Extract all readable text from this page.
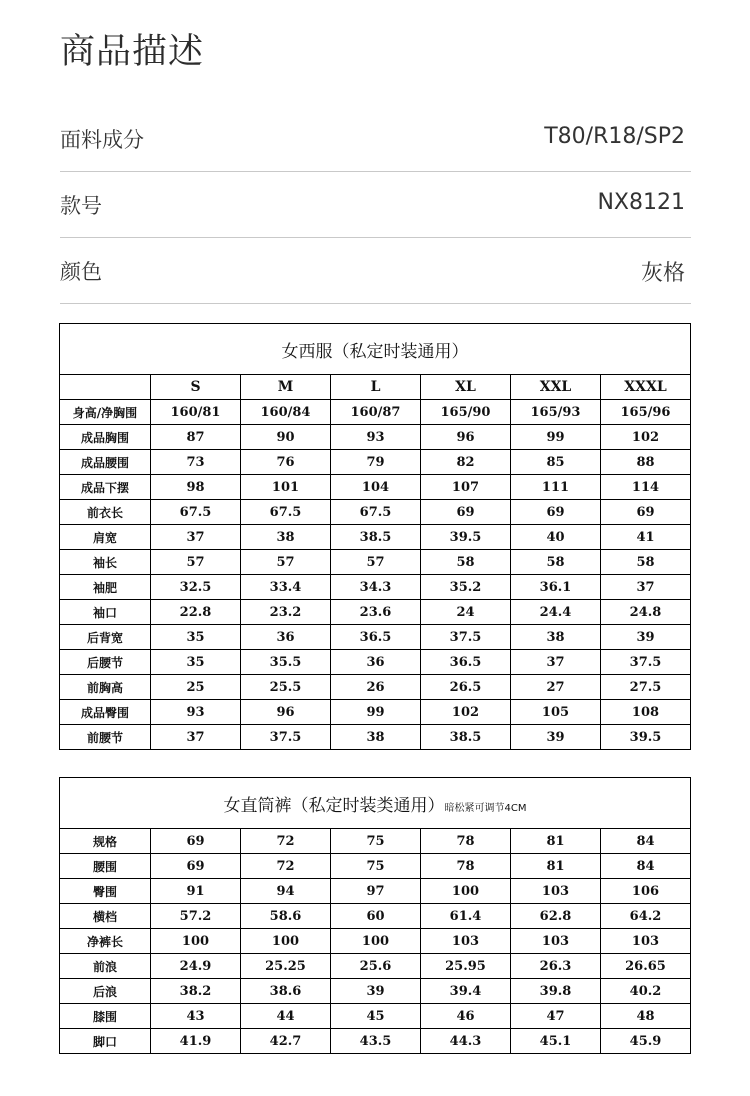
商品描述
面料成分	T80/R18/SP2
款号	NX8121
颜色	灰格
女西服（私定时装通用）						
	S	M	L	XL	XXL	XXXL
身高/净胸围	160/81	160/84	160/87	165/90	165/93	165/96
成品胸围	87	90	93	96	99	102
成品腰围	73	76	79	82	85	88
成品下摆	98	101	104	107	111	114
前衣长	67.5	67.5	67.5	69	69	69
肩宽	37	38	38.5	39.5	40	41
袖长	57	57	57	58	58	58
袖肥	32.5	33.4	34.3	35.2	36.1	37
袖口	22.8	23.2	23.6	24	24.4	24.8
后背宽	35	36	36.5	37.5	38	39
后腰节	35	35.5	36	36.5	37	37.5
前胸高	25	25.5	26	26.5	27	27.5
成品臀围	93	96	99	102	105	108
前腰节	37	37.5	38	38.5	39	39.5
女直筒裤（私定时装类通用）暗松紧可调节4CM						
规格	69	72	75	78	81	84
腰围	69	72	75	78	81	84
臀围	91	94	97	100	103	106
横档	57.2	58.6	60	61.4	62.8	64.2
净裤长	100	100	100	103	103	103
前浪	24.9	25.25	25.6	25.95	26.3	26.65
后浪	38.2	38.6	39	39.4	39.8	40.2
膝围	43	44	45	46	47	48
脚口	41.9	42.7	43.5	44.3	45.1	45.9
